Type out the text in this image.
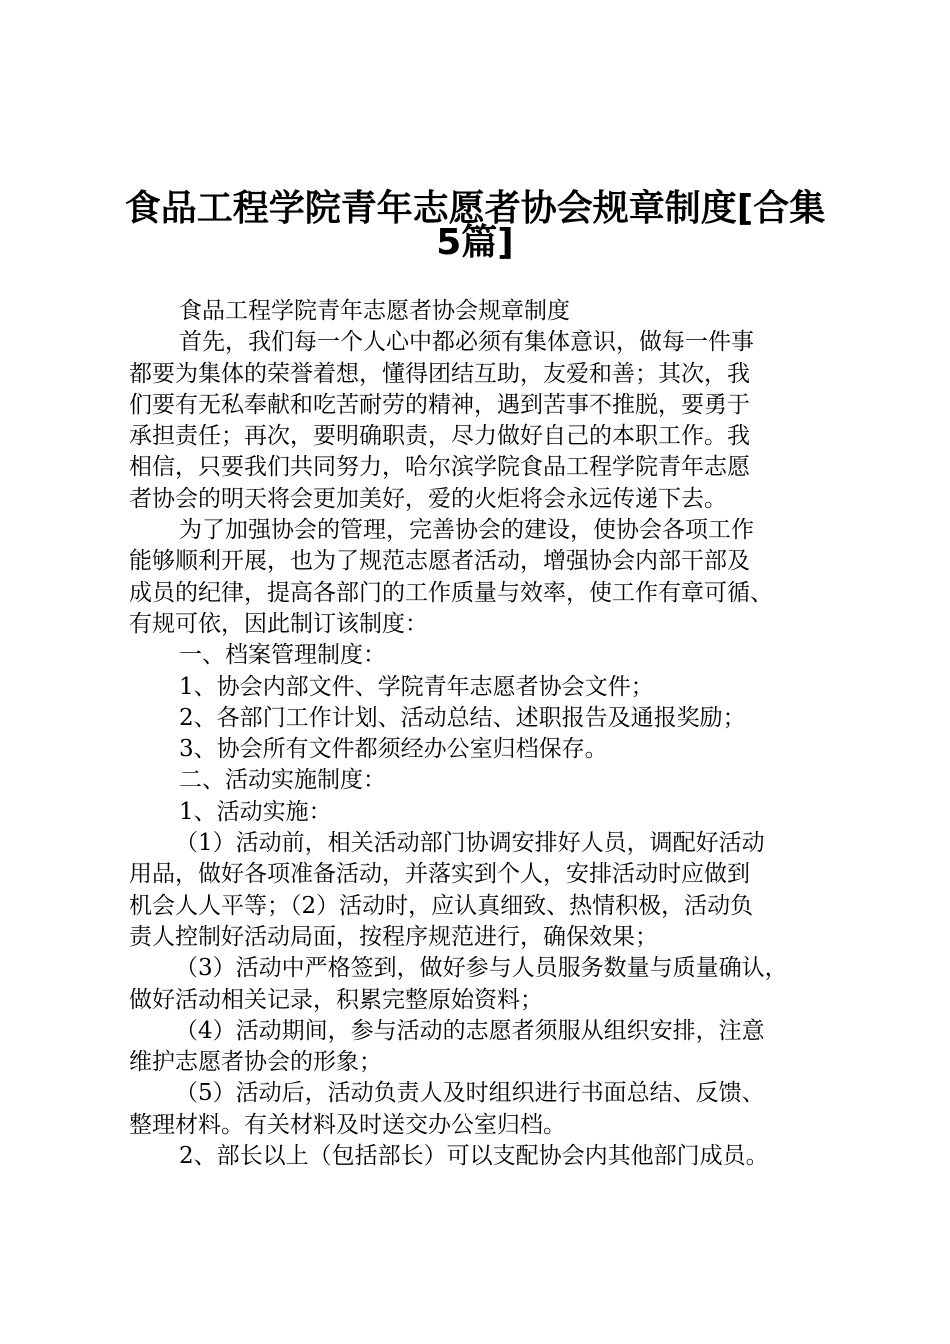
食品工程学院青年志愿者协会规章制度[合集
5篇]
食品工程学院青年志愿者协会规章制度
首先，我们每一个人心中都必须有集体意识，做每一件事
都要为集体的荣誉着想，懂得团结互助，友爱和善；其次，我
们要有无私奉献和吃苦耐劳的精神，遇到苦事不推脱，要勇于
承担责任；再次，要明确职责，尽力做好自己的本职工作。我
相信，只要我们共同努力，哈尔滨学院食品工程学院青年志愿
者协会的明天将会更加美好，爱的火炬将会永远传递下去。
为了加强协会的管理，完善协会的建设，使协会各项工作
能够顺利开展，也为了规范志愿者活动，增强协会内部干部及
成员的纪律，提高各部门的工作质量与效率，使工作有章可循、
有规可依，因此制订该制度：
一、档案管理制度：
1、协会内部文件、学院青年志愿者协会文件；
2、各部门工作计划、活动总结、述职报告及通报奖励；
3、协会所有文件都须经办公室归档保存。
二、活动实施制度：
1、活动实施：
（1）活动前，相关活动部门协调安排好人员，调配好活动
用品，做好各项准备活动，并落实到个人，安排活动时应做到
机会人人平等；（2）活动时，应认真细致、热情积极，活动负
责人控制好活动局面，按程序规范进行，确保效果；
（3）活动中严格签到，做好参与人员服务数量与质量确认，
做好活动相关记录，积累完整原始资料；
（4）活动期间，参与活动的志愿者须服从组织安排，注意
维护志愿者协会的形象；
（5）活动后，活动负责人及时组织进行书面总结、反馈、
整理材料。有关材料及时送交办公室归档。
2、部长以上（包括部长）可以支配协会内其他部门成员。
